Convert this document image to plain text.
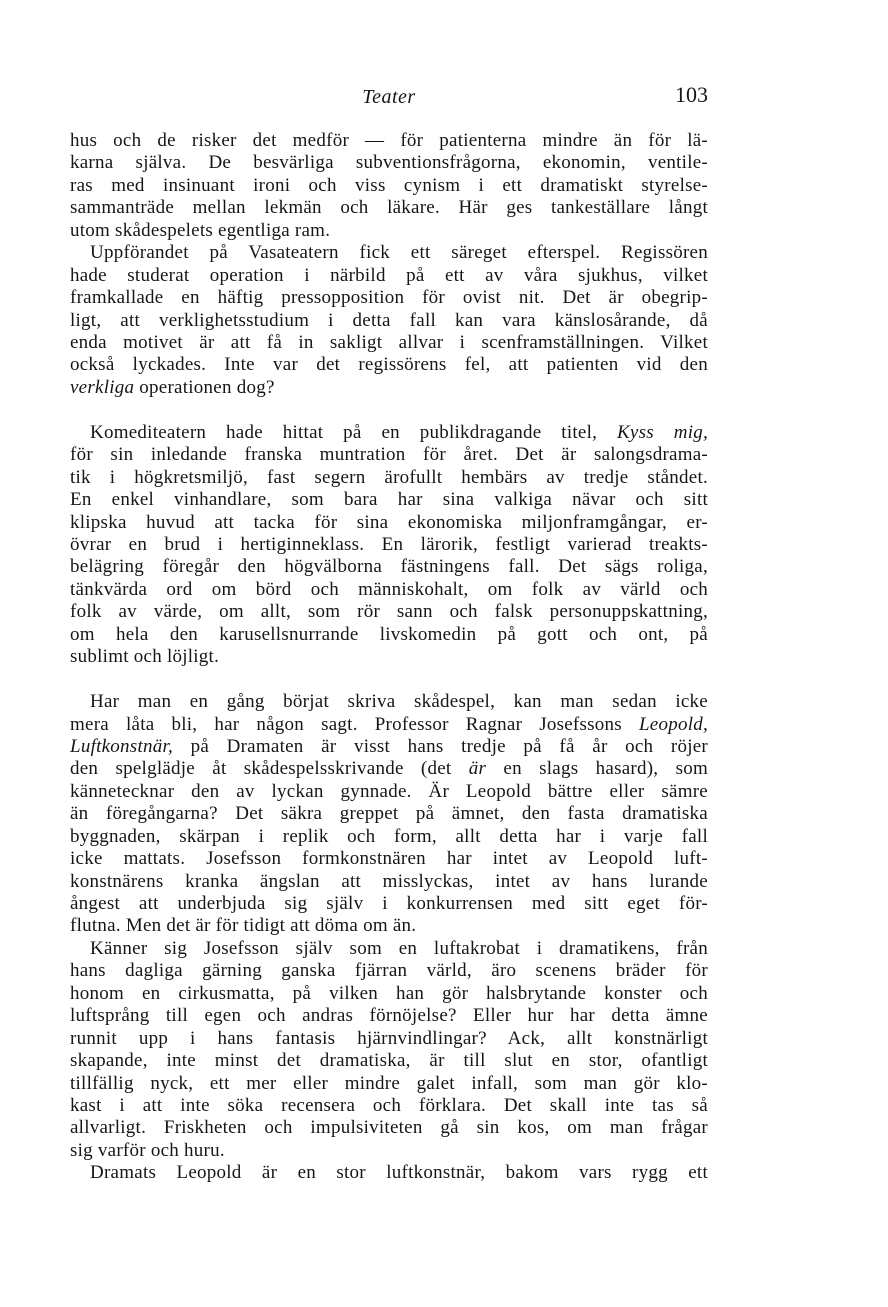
Teater	103
hus och de risker det medför — för patienterna mindre än för lä-
karna själva. De besvärliga subventionsfrågorna, ekonomin, ventile-
ras med insinuant ironi och viss cynism i ett dramatiskt styrelse-
sammanträde mellan lekmän och läkare. Här ges tankeställare långt
utom skådespelets egentliga ram.
Uppförandet på Vasateatern fick ett säreget efterspel. Regissören
hade studerat operation i närbild på ett av våra sjukhus, vilket
framkallade en häftig pressopposition för ovist nit. Det är obegrip-
ligt, att verklighetsstudium i detta fall kan vara känslosårande, då
enda motivet är att få in sakligt allvar i scenframställningen. Vilket
också lyckades. Inte var det regissörens fel, att patienten vid den
verkliga operationen dog?
Komediteatern hade hittat på en publikdragande titel, Kyss mig,
för sin inledande franska muntration för året. Det är salongsdrama-
tik i högkretsmiljö, fast segern ärofullt hembärs av tredje ståndet.
En enkel vinhandlare, som bara har sina valkiga nävar och sitt
klipska huvud att tacka för sina ekonomiska miljonframgångar, er-
övrar en brud i hertiginneklass. En lärorik, festligt varierad treakts-
belägring föregår den högvälborna fästningens fall. Det sägs roliga,
tänkvärda ord om börd och människohalt, om folk av värld och
folk av värde, om allt, som rör sann och falsk personuppskattning,
om hela den karusellsnurrande livskomedin på gott och ont, på
sublimt och löjligt.
Har man en gång börjat skriva skådespel, kan man sedan icke
mera låta bli, har någon sagt. Professor Ragnar Josefssons Leopold,
Luftkonstnär, på Dramaten är visst hans tredje på få år och röjer
den spelglädje åt skådespelsskrivande (det är en slags hasard), som
kännetecknar den av lyckan gynnade. Är Leopold bättre eller sämre
än föregångarna? Det säkra greppet på ämnet, den fasta dramatiska
byggnaden, skärpan i replik och form, allt detta har i varje fall
icke mattats. Josefsson formkonstnären har intet av Leopold luft-
konstnärens kranka ängslan att misslyckas, intet av hans lurande
ångest att underbjuda sig själv i konkurrensen med sitt eget för-
flutna. Men det är för tidigt att döma om än.
Känner sig Josefsson själv som en luftakrobat i dramatikens, från
hans dagliga gärning ganska fjärran värld, äro scenens bräder för
honom en cirkusmatta, på vilken han gör halsbrytande konster och
luftsprång till egen och andras förnöjelse? Eller hur har detta ämne
runnit upp i hans fantasis hjärnvindlingar? Ack, allt konstnärligt
skapande, inte minst det dramatiska, är till slut en stor, ofantligt
tillfällig nyck, ett mer eller mindre galet infall, som man gör klo-
kast i att inte söka recensera och förklara. Det skall inte tas så
allvarligt. Friskheten och impulsiviteten gå sin kos, om man frågar
sig varför och huru.
Dramats Leopold är en stor luftkonstnär, bakom vars rygg ett
